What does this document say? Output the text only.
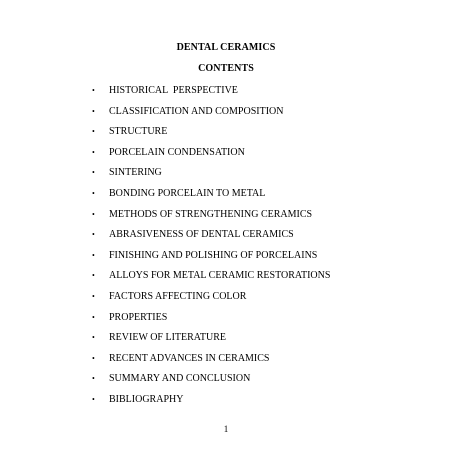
DENTAL CERAMICS
CONTENTS
• HISTORICAL  PERSPECTIVE
• CLASSIFICATION AND COMPOSITION
• STRUCTURE
• PORCELAIN CONDENSATION
• SINTERING
• BONDING PORCELAIN TO METAL
• METHODS OF STRENGTHENING CERAMICS
• ABRASIVENESS OF DENTAL CERAMICS
• FINISHING AND POLISHING OF PORCELAINS
• ALLOYS FOR METAL CERAMIC RESTORATIONS
• FACTORS AFFECTING COLOR
• PROPERTIES
• REVIEW OF LITERATURE
• RECENT ADVANCES IN CERAMICS
• SUMMARY AND CONCLUSION
• BIBLIOGRAPHY
1
